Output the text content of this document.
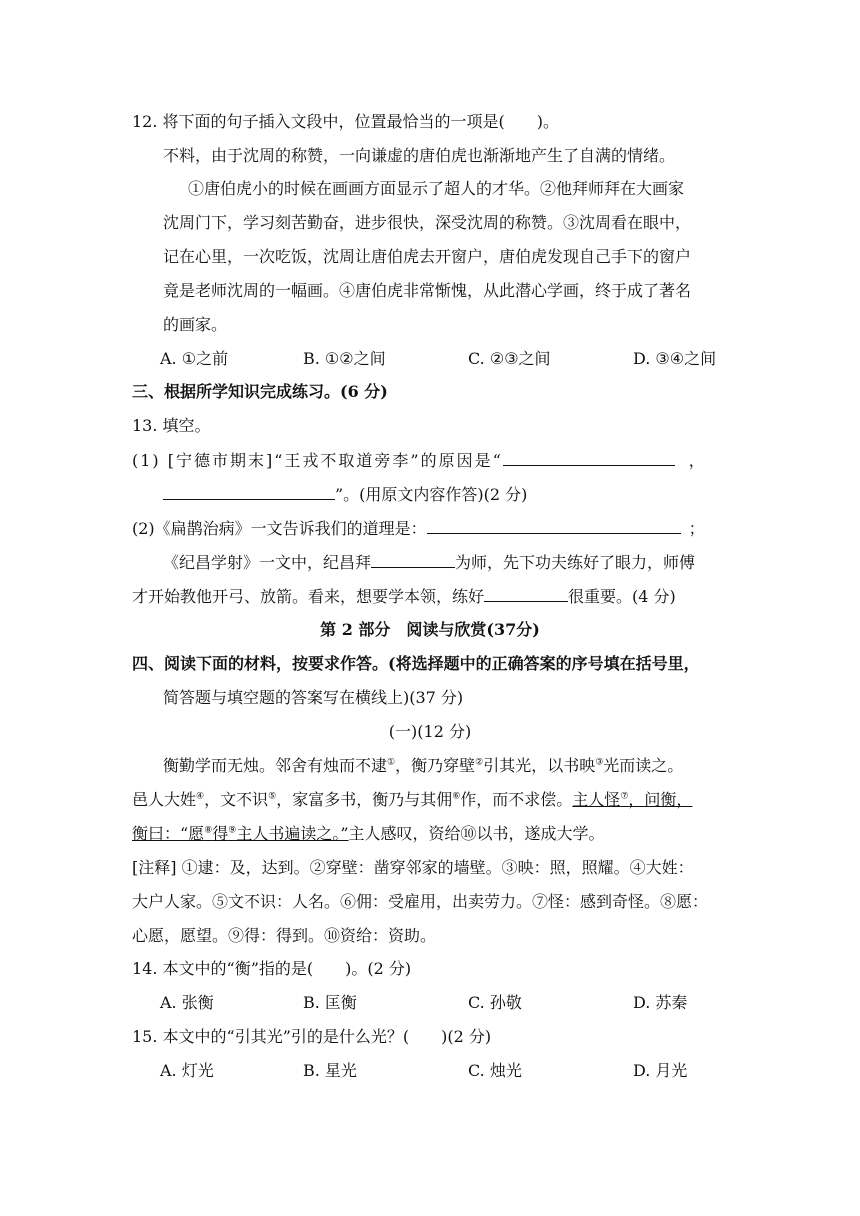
12. 将下面的句子插入文段中，位置最恰当的一项是(　　)。
不料，由于沈周的称赞，一向谦虚的唐伯虎也渐渐地产生了自满的情绪。
①唐伯虎小的时候在画画方面显示了超人的才华。②他拜师拜在大画家
沈周门下，学习刻苦勤奋，进步很快，深受沈周的称赞。③沈周看在眼中，
记在心里，一次吃饭，沈周让唐伯虎去开窗户，唐伯虎发现自己手下的窗户
竟是老师沈周的一幅画。④唐伯虎非常惭愧，从此潜心学画，终于成了著名
的画家。
A. ①之前	B. ①②之间	C. ②③之间	D. ③④之间
三、根据所学知识完成练习。(6 分)
13. 填空。
(1) [宁德市期末]“王戎不取道旁李”的原因是“	，
”。(用原文内容作答)(2 分)
(2)《扁鹊治病》一文告诉我们的道理是：	；
《纪昌学射》一文中，纪昌拜	为师，先下功夫练好了眼力，师傅
才开始教他开弓、放箭。看来，想要学本领，练好	很重要。(4 分)
第 2 部分　阅读与欣赏(37分)
四、阅读下面的材料，按要求作答。(将选择题中的正确答案的序号填在括号里，
简答题与填空题的答案写在横线上)(37 分)
(一)(12 分)
衡勤学而无烛。邻舍有烛而不逮①，衡乃穿壁②引其光，以书映③光而读之。
邑人大姓④，文不识⑤，家富多书，衡乃与其佣⑥作，而不求偿。主人怪⑦，问衡，
衡曰：“愿⑧得⑨主人书遍读之。”主人感叹，资给⑩以书，遂成大学。
[注释] ①逮：及，达到。②穿壁：凿穿邻家的墙壁。③映：照，照耀。④大姓：
大户人家。⑤文不识：人名。⑥佣：受雇用，出卖劳力。⑦怪：感到奇怪。⑧愿：
心愿，愿望。⑨得：得到。⑩资给：资助。
14. 本文中的“衡”指的是(　　)。(2 分)
A. 张衡	B. 匡衡	C. 孙敬	D. 苏秦
15. 本文中的“引其光”引的是什么光？(　　)(2 分)
A. 灯光	B. 星光	C. 烛光	D. 月光
